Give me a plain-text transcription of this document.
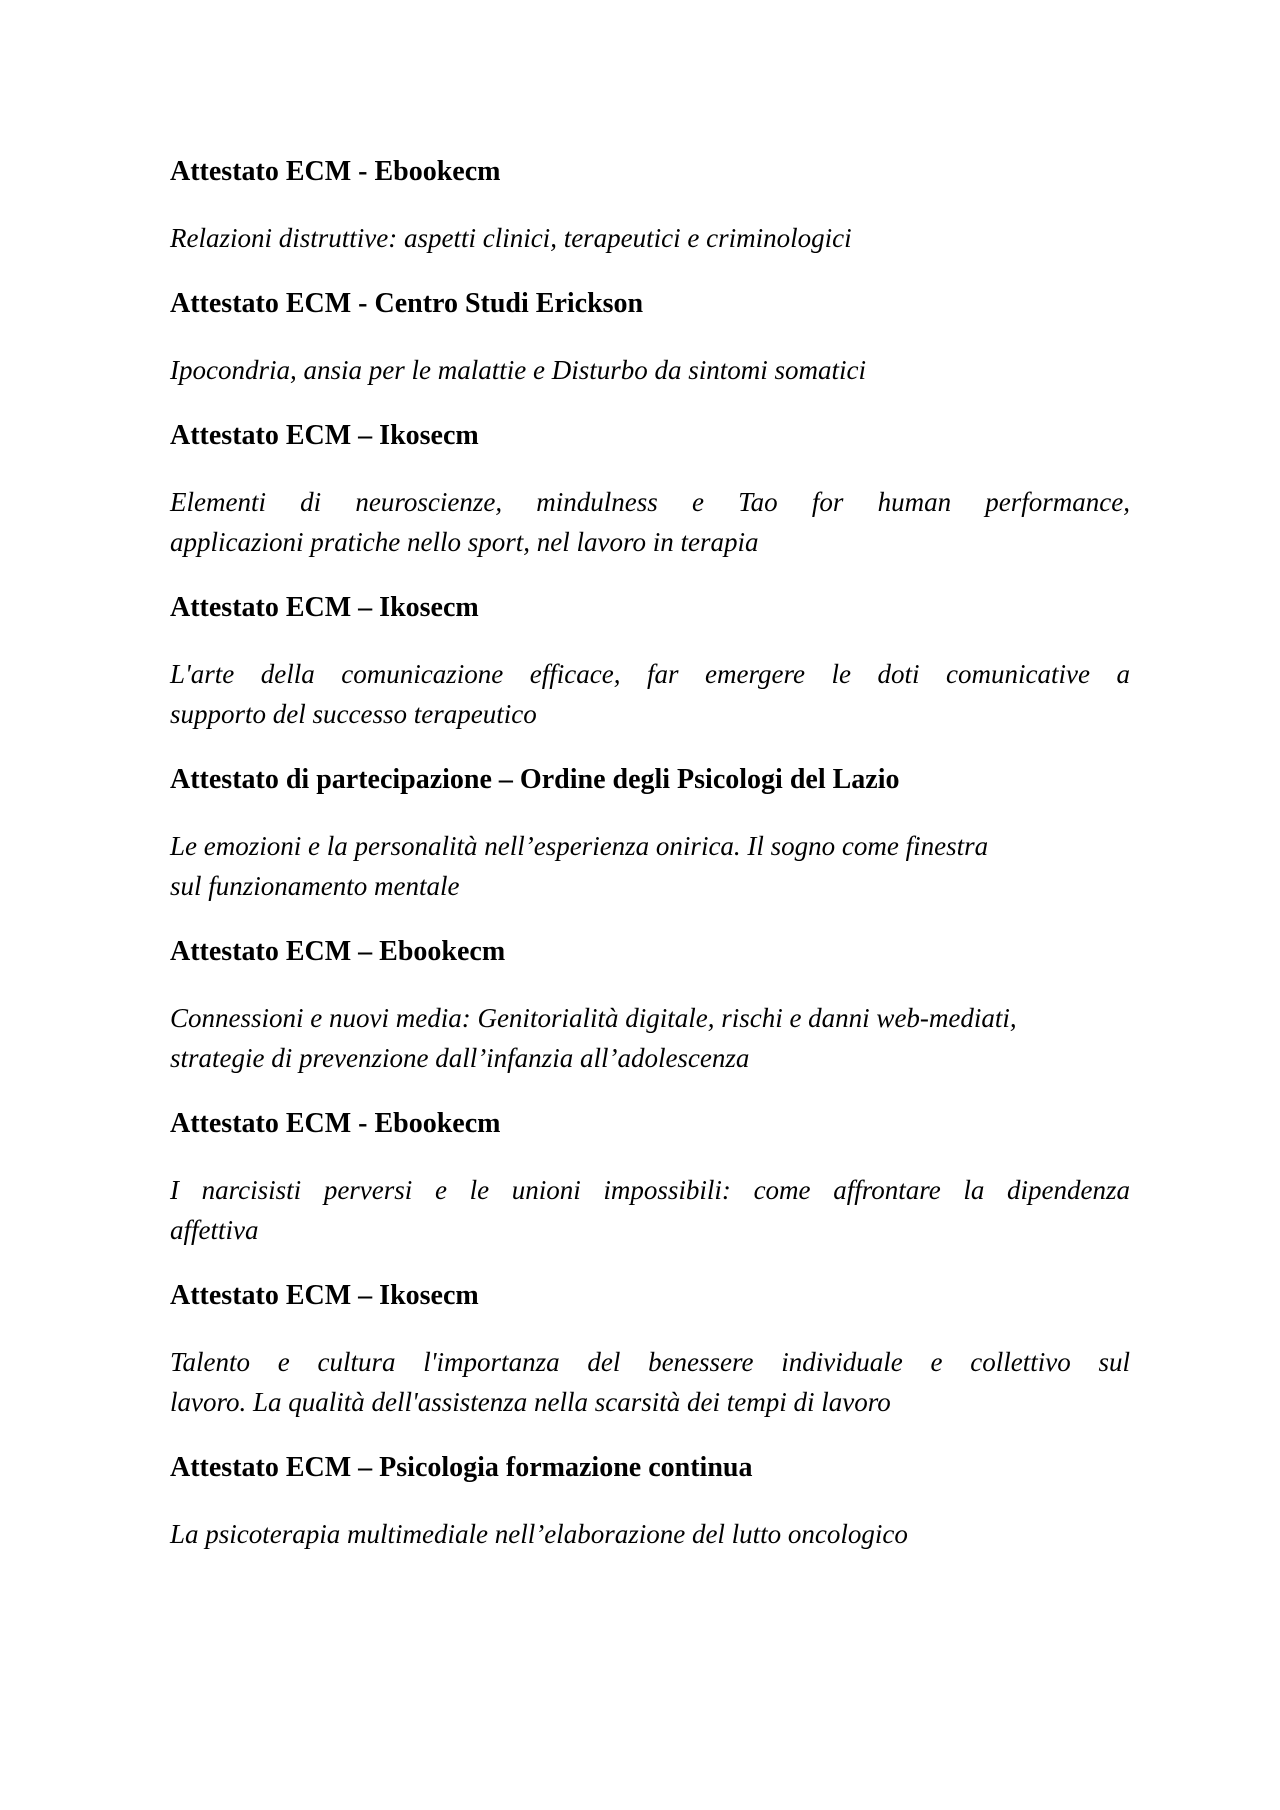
Attestato ECM - Ebookecm
Relazioni distruttive: aspetti clinici, terapeutici e criminologici
Attestato ECM - Centro Studi Erickson
Ipocondria, ansia per le malattie e Disturbo da sintomi somatici
Attestato ECM – Ikosecm
Elementi di neuroscienze, mindulness e Tao for human performance,
applicazioni pratiche nello sport, nel lavoro in terapia
Attestato ECM – Ikosecm
L'arte della comunicazione efficace, far emergere le doti comunicative a
supporto del successo terapeutico
Attestato di partecipazione – Ordine degli Psicologi del Lazio
Le emozioni e la personalità nell’esperienza onirica. Il sogno come finestra
sul funzionamento mentale
Attestato ECM – Ebookecm
Connessioni e nuovi media: Genitorialità digitale, rischi e danni web-mediati,
strategie di prevenzione dall’infanzia all’adolescenza
Attestato ECM - Ebookecm
I narcisisti perversi e le unioni impossibili: come affrontare la dipendenza
affettiva
Attestato ECM – Ikosecm
Talento e cultura l'importanza del benessere individuale e collettivo sul
lavoro. La qualità dell'assistenza nella scarsità dei tempi di lavoro
Attestato ECM – Psicologia formazione continua
La psicoterapia multimediale nell’elaborazione del lutto oncologico
